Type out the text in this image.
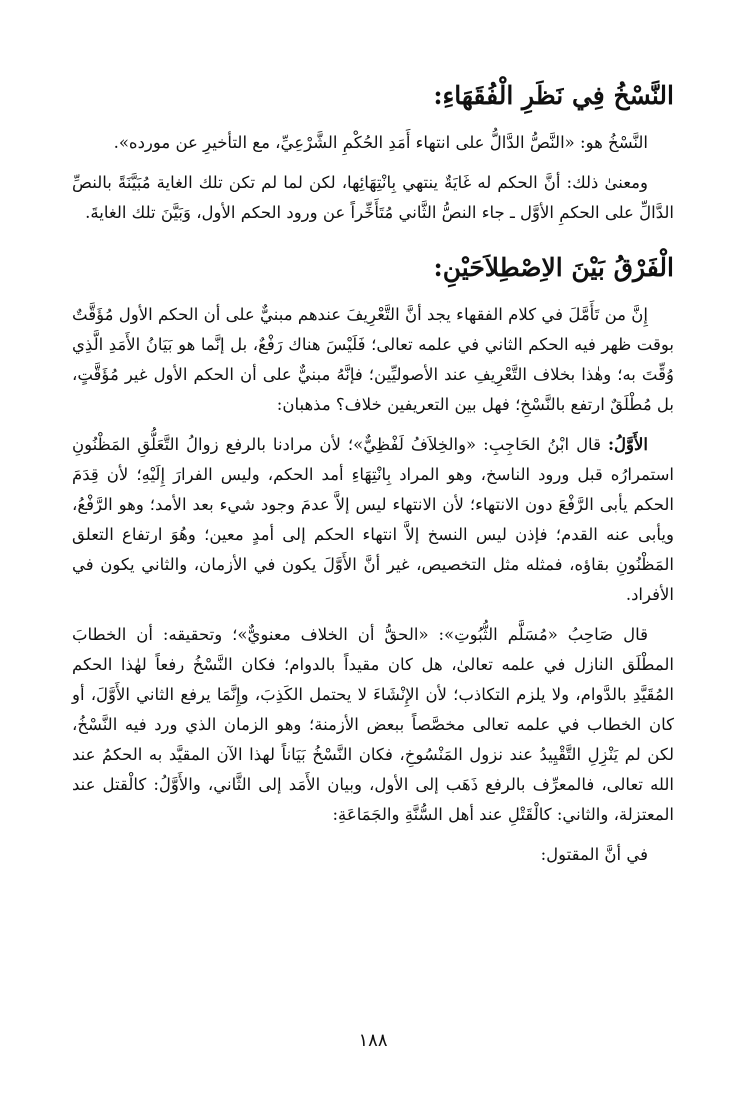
النَّسْخُ فِي نَظَرِ الْفُقَهَاءِ:

النَّسْخُ هو: «النَّصُّ الدَّالُّ على انتهاء أَمَدِ الحُكْمِ الشَّرْعِيِّ، مع التأخيرِ عن مورده».

ومعنىٰ ذلك: أنَّ الحكم له غَايَةٌ ينتهي بِانْتِهَائِها، لكن لما لم تكن تلك الغاية مُبَيَّنَةً بالنصِّ الدَّالِّ على الحكمِ الأوَّل ـ جاء النصُّ الثَّاني مُتَأَخِّراً عن ورود الحكم الأول، وَبَيَّنَ تلك الغايةَ.

الْفَرْقُ بَيْنَ الاِصْطِلاَحَيْنِ:

إِنَّ من تَأَمَّلَ في كلام الفقهاء يجد أنَّ التَّعْرِيفَ عندهم مبنيٌّ على أن الحكم الأول مُؤَقَّتٌ بوقت ظهر فيه الحكم الثاني في علمه تعالى؛ فَلَيْسَ هناك رَفْعٌ، بل إنَّما هو بَيَانُ الأَمَدِ الَّذِي وُقِّتَ به؛ وهٰذا بخلاف التَّعْرِيفِ عند الأصوليِّين؛ فإنَّهُ مبنيٌّ على أن الحكم الأول غير مُؤَقَّتٍ، بل مُطْلَقٌ ارتفع بالنَّسْخِ؛ فهل بين التعريفين خلاف؟ مذهبان:

الأَوَّلُ: قال ابْنُ الحَاجِبِ: «والخِلاَفُ لَفْظِيٌّ»؛ لأن مرادنا بالرفع زوالُ التَّعَلُّقِ المَظْنُونِ استمرارُه قبل ورود الناسخ، وهو المراد بِانْتِهَاءِ أمد الحكم، وليس الفرارَ إِلَيْهِ؛ لأن قِدَمَ الحكم يأبى الرَّفْعَ دون الانتهاء؛ لأن الانتهاء ليس إلاَّ عدمَ وجود شيء بعد الأمد؛ وهو الرَّفْعُ، ويأبى عنه القدم؛ فإذن ليس النسخ إلاَّ انتهاء الحكم إلى أمدٍ معين؛ وهُوَ ارتفاع التعلق المَظْنُونِ بقاؤه، فمثله مثل التخصيص، غير أنَّ الأَوَّلَ يكون في الأزمان، والثاني يكون في الأفراد.

قال صَاحِبُ «مُسَلَّم الثُّبُوتِ»: «الحقُّ أن الخلاف معنويٌّ»؛ وتحقيقه: أن الخطابَ المطْلَق النازل في علمه تعالىٰ، هل كان مقيداً بالدوام؛ فكان النَّسْخُ رفعاً لهٰذا الحكم المُقَيَّدِ بالدَّوام، ولا يلزم التكاذب؛ لأن الإِنْشَاءَ لا يحتمل الكَذِبَ، وإِنَّمَا يرفع الثاني الأَوَّلَ، أو كان الخطاب في علمه تعالى مخصَّصاً ببعض الأزمنة؛ وهو الزمان الذي ورد فيه النَّسْخُ، لكن لم يَنْزِلِ التَّقْيِيدُ عند نزول المَنْسُوخِ، فكان النَّسْخُ بَيَاناً لهذا الآن المقيَّد به الحكمُ عند الله تعالى، فالمعرِّف بالرفع ذَهَب إلى الأول، وبيان الأَمَد إلى الثَّاني، والأَوَّلُ: كالْقتل عند المعتزلة، والثاني: كالْقَتْلِ عند أهل السُّنَّةِ والجَمَاعَةِ:

في أنَّ المقتول:

١٨٨
